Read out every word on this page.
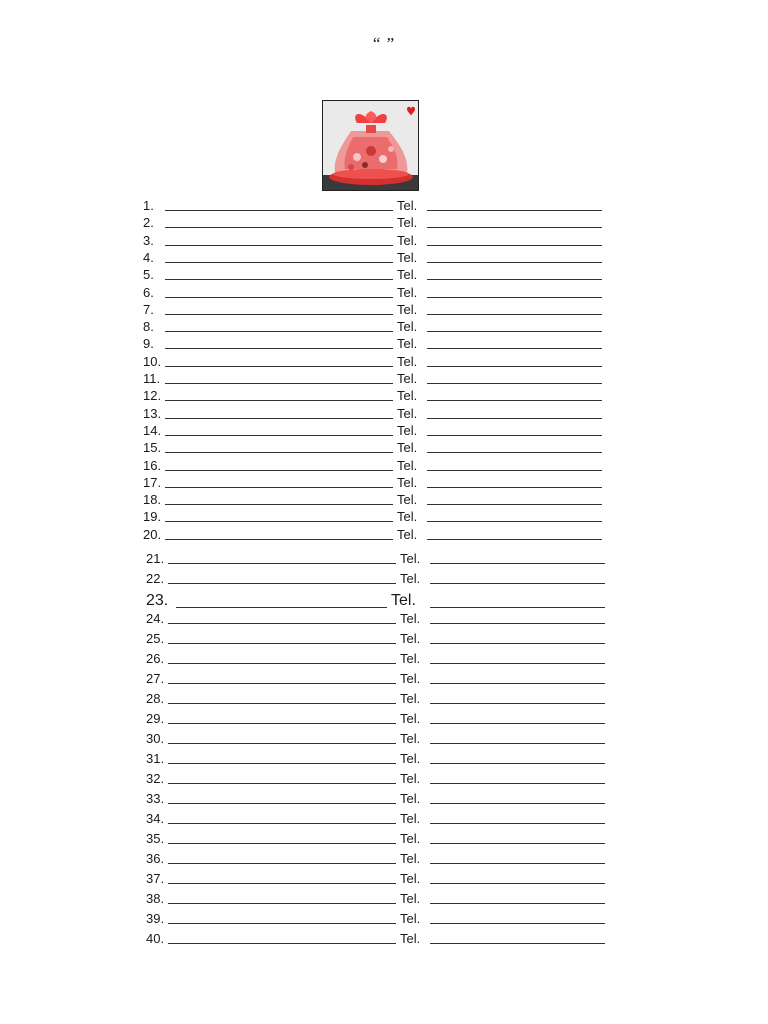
“ ”
1.	Tel.
2.	Tel.
3.	Tel.
4.	Tel.
5.	Tel.
6.	Tel.
7.	Tel.
8.	Tel.
9.	Tel.
10.	Tel.
11.	Tel.
12.	Tel.
13.	Tel.
14.	Tel.
15.	Tel.
16.	Tel.
17.	Tel.
18.	Tel.
19.	Tel.
20.	Tel.
21.	Tel.
22.	Tel.
23.	Tel.
24.	Tel.
25.	Tel.
26.	Tel.
27.	Tel.
28.	Tel.
29.	Tel.
30.	Tel.
31.	Tel.
32.	Tel.
33.	Tel.
34.	Tel.
35.	Tel.
36.	Tel.
37.	Tel.
38.	Tel.
39.	Tel.
40.	Tel.
